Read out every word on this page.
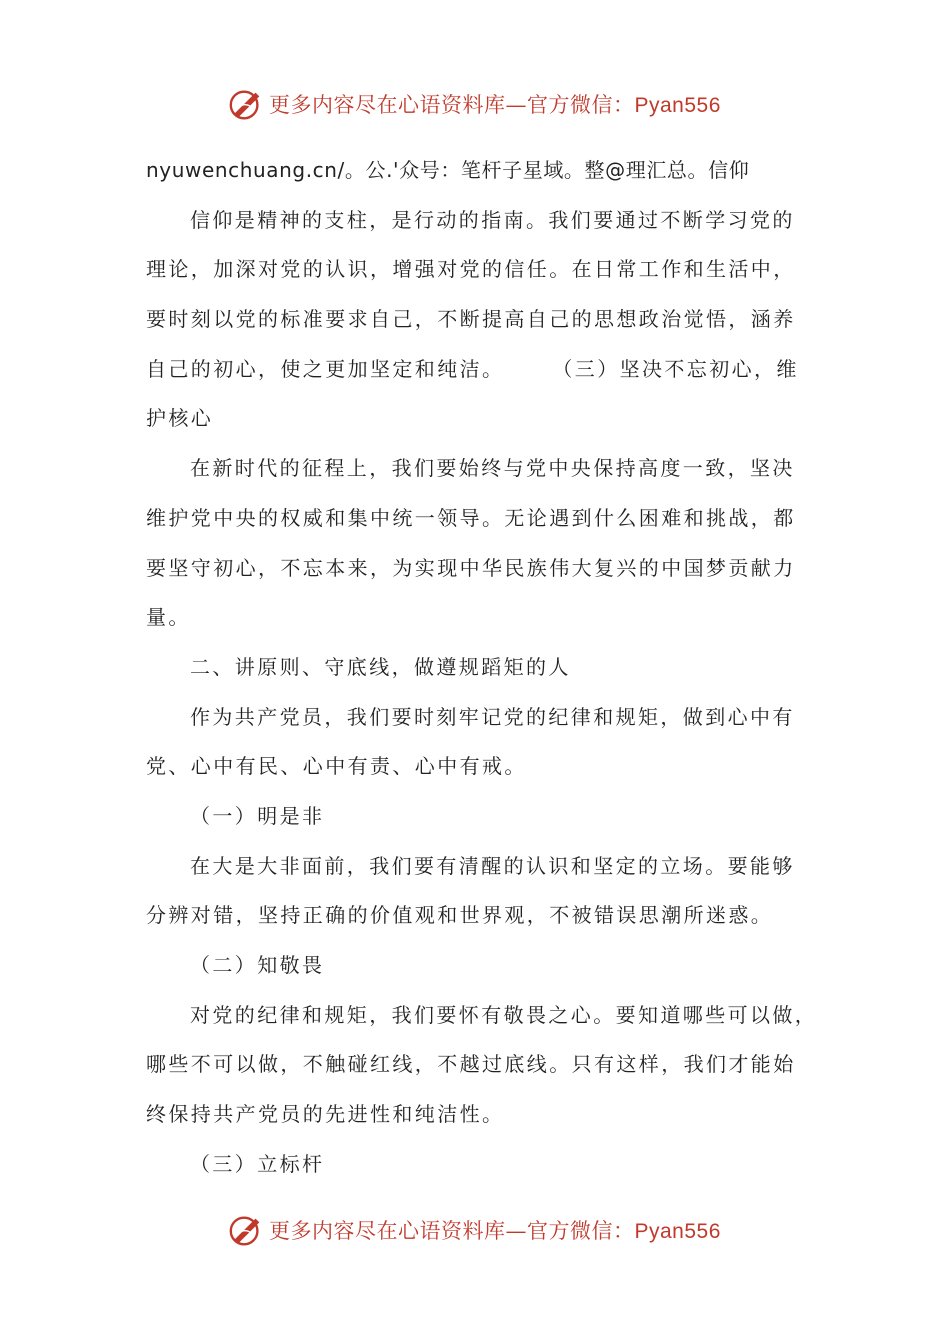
更多内容尽在心语资料库—官方微信：Pyan556
nyuwenchuang.cn/。公.'众号：笔杆子星域。整@理汇总。信仰
信仰是精神的支柱，是行动的指南。我们要通过不断学习党的
理论，加深对党的认识，增强对党的信任。在日常工作和生活中，
要时刻以党的标准要求自己，不断提高自己的思想政治觉悟，涵养
自己的初心，使之更加坚定和纯洁。 （三）坚决不忘初心，维
护核心
在新时代的征程上，我们要始终与党中央保持高度一致，坚决
维护党中央的权威和集中统一领导。无论遇到什么困难和挑战，都
要坚守初心，不忘本来，为实现中华民族伟大复兴的中国梦贡献力
量。
二、讲原则、守底线，做遵规蹈矩的人
作为共产党员，我们要时刻牢记党的纪律和规矩，做到心中有
党、心中有民、心中有责、心中有戒。
（一）明是非
在大是大非面前，我们要有清醒的认识和坚定的立场。要能够
分辨对错，坚持正确的价值观和世界观，不被错误思潮所迷惑。
（二）知敬畏
对党的纪律和规矩，我们要怀有敬畏之心。要知道哪些可以做，
哪些不可以做，不触碰红线，不越过底线。只有这样，我们才能始
终保持共产党员的先进性和纯洁性。
（三）立标杆
更多内容尽在心语资料库—官方微信：Pyan556
